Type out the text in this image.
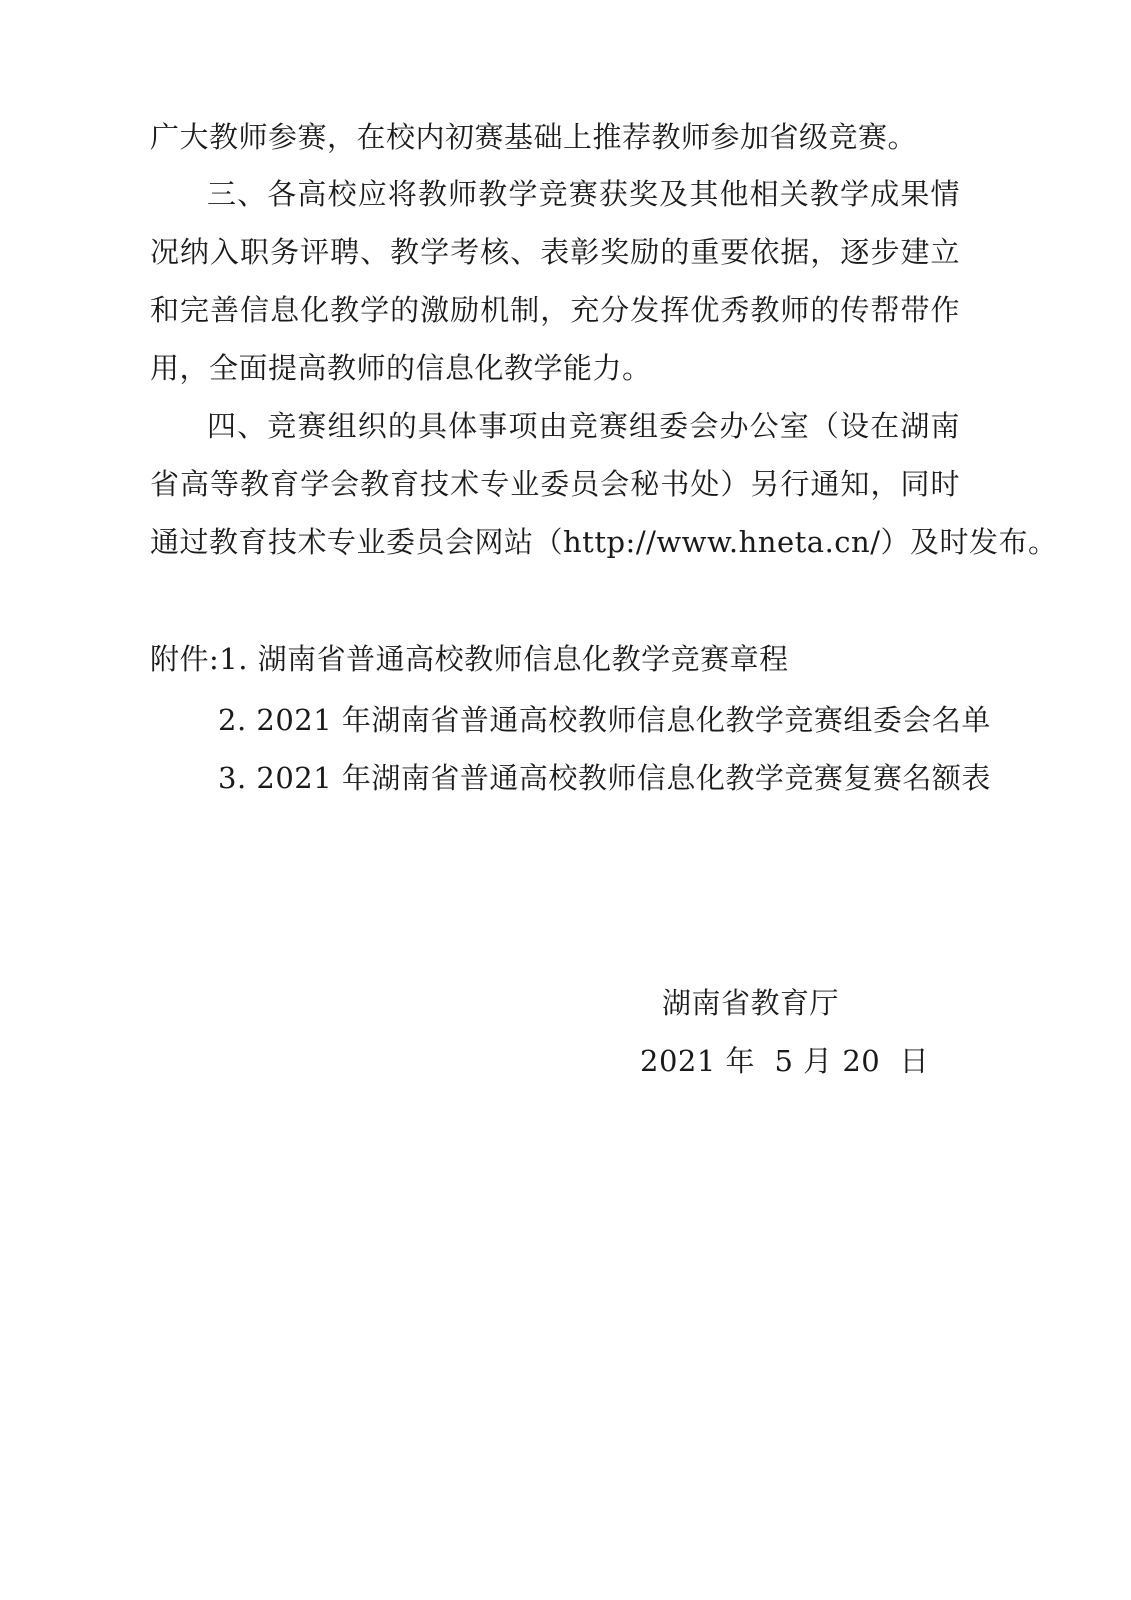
广大教师参赛，在校内初赛基础上推荐教师参加省级竞赛。
三、各高校应将教师教学竞赛获奖及其他相关教学成果情
况纳入职务评聘、教学考核、表彰奖励的重要依据，逐步建立
和完善信息化教学的激励机制，充分发挥优秀教师的传帮带作
用，全面提高教师的信息化教学能力。
四、竞赛组织的具体事项由竞赛组委会办公室（设在湖南
省高等教育学会教育技术专业委员会秘书处）另行通知，同时
通过教育技术专业委员会网站（http://www.hneta.cn/）及时发布。
附件:1. 湖南省普通高校教师信息化教学竞赛章程
2. 2021 年湖南省普通高校教师信息化教学竞赛组委会名单
3. 2021 年湖南省普通高校教师信息化教学竞赛复赛名额表
湖南省教育厅
2021 年  5 月 20  日
